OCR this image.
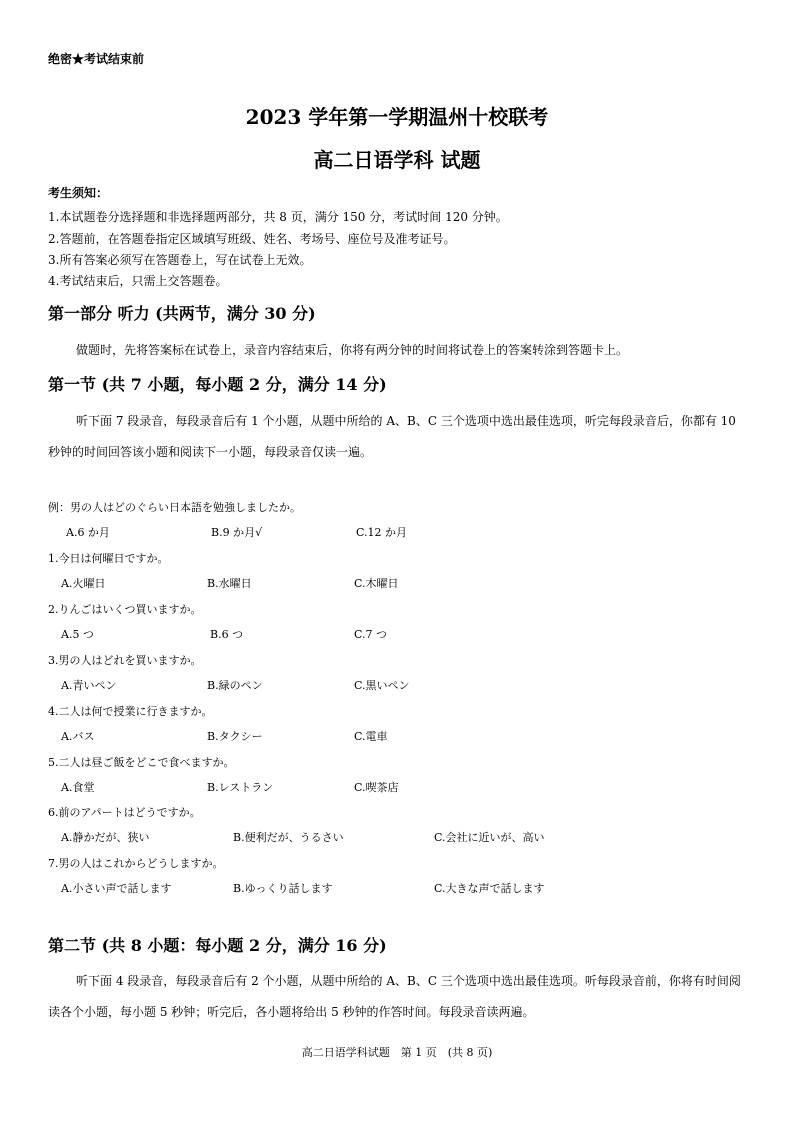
绝密★考试结束前
2023 学年第一学期温州十校联考
高二日语学科 试题
考生须知：
1.本试题卷分选择题和非选择题两部分，共 8 页，满分 150 分，考试时间 120 分钟。
2.答题前，在答题卷指定区域填写班级、姓名、考场号、座位号及准考证号。
3.所有答案必须写在答题卷上，写在试卷上无效。
4.考试结束后，只需上交答题卷。
第一部分 听力 (共两节，满分 30 分)
做题时，先将答案标在试卷上，录音内容结束后，你将有两分钟的时间将试卷上的答案转涂到答题卡上。
第一节 (共 7 小题，每小题 2 分，满分 14 分)
听下面 7 段录音，每段录音后有 1 个小题，从题中所给的 A、B、C 三个选项中选出最佳选项，听完每段录音后，你都有 10 秒钟的时间回答该小题和阅读下一小题，每段录音仅读一遍。
例：男の人はどのぐらい日本語を勉強しましたか。
A.6 か月	B.9 か月√	C.12 か月
1.今日は何曜日ですか。
A.火曜日	B.水曜日	C.木曜日
2.りんごはいくつ買いますか。
A.5 つ	B.6 つ	C.7 つ
3.男の人はどれを買いますか。
A.青いペン	B.緑のペン	C.黒いペン
4.二人は何で授業に行きますか。
A.バス	B.タクシー	C.電車
5.二人は昼ご飯をどこで食べますか。
A.食堂	B.レストラン	C.喫茶店
6.前のアパートはどうですか。
A.静かだが、狭い	B.便利だが、うるさい	C.会社に近いが、高い
7.男の人はこれからどうしますか。
A.小さい声で話します	B.ゆっくり話します	C.大きな声で話します
第二节 (共 8 小题：每小题 2 分，满分 16 分)
听下面 4 段录音，每段录音后有 2 个小题，从题中所给的 A、B、C 三个选项中选出最佳选项。听每段录音前，你将有时间阅读各个小题，每小题 5 秒钟；听完后，各小题将给出 5 秒钟的作答时间。每段录音读两遍。
高二日语学科试题　第 1 页　(共 8 页)
